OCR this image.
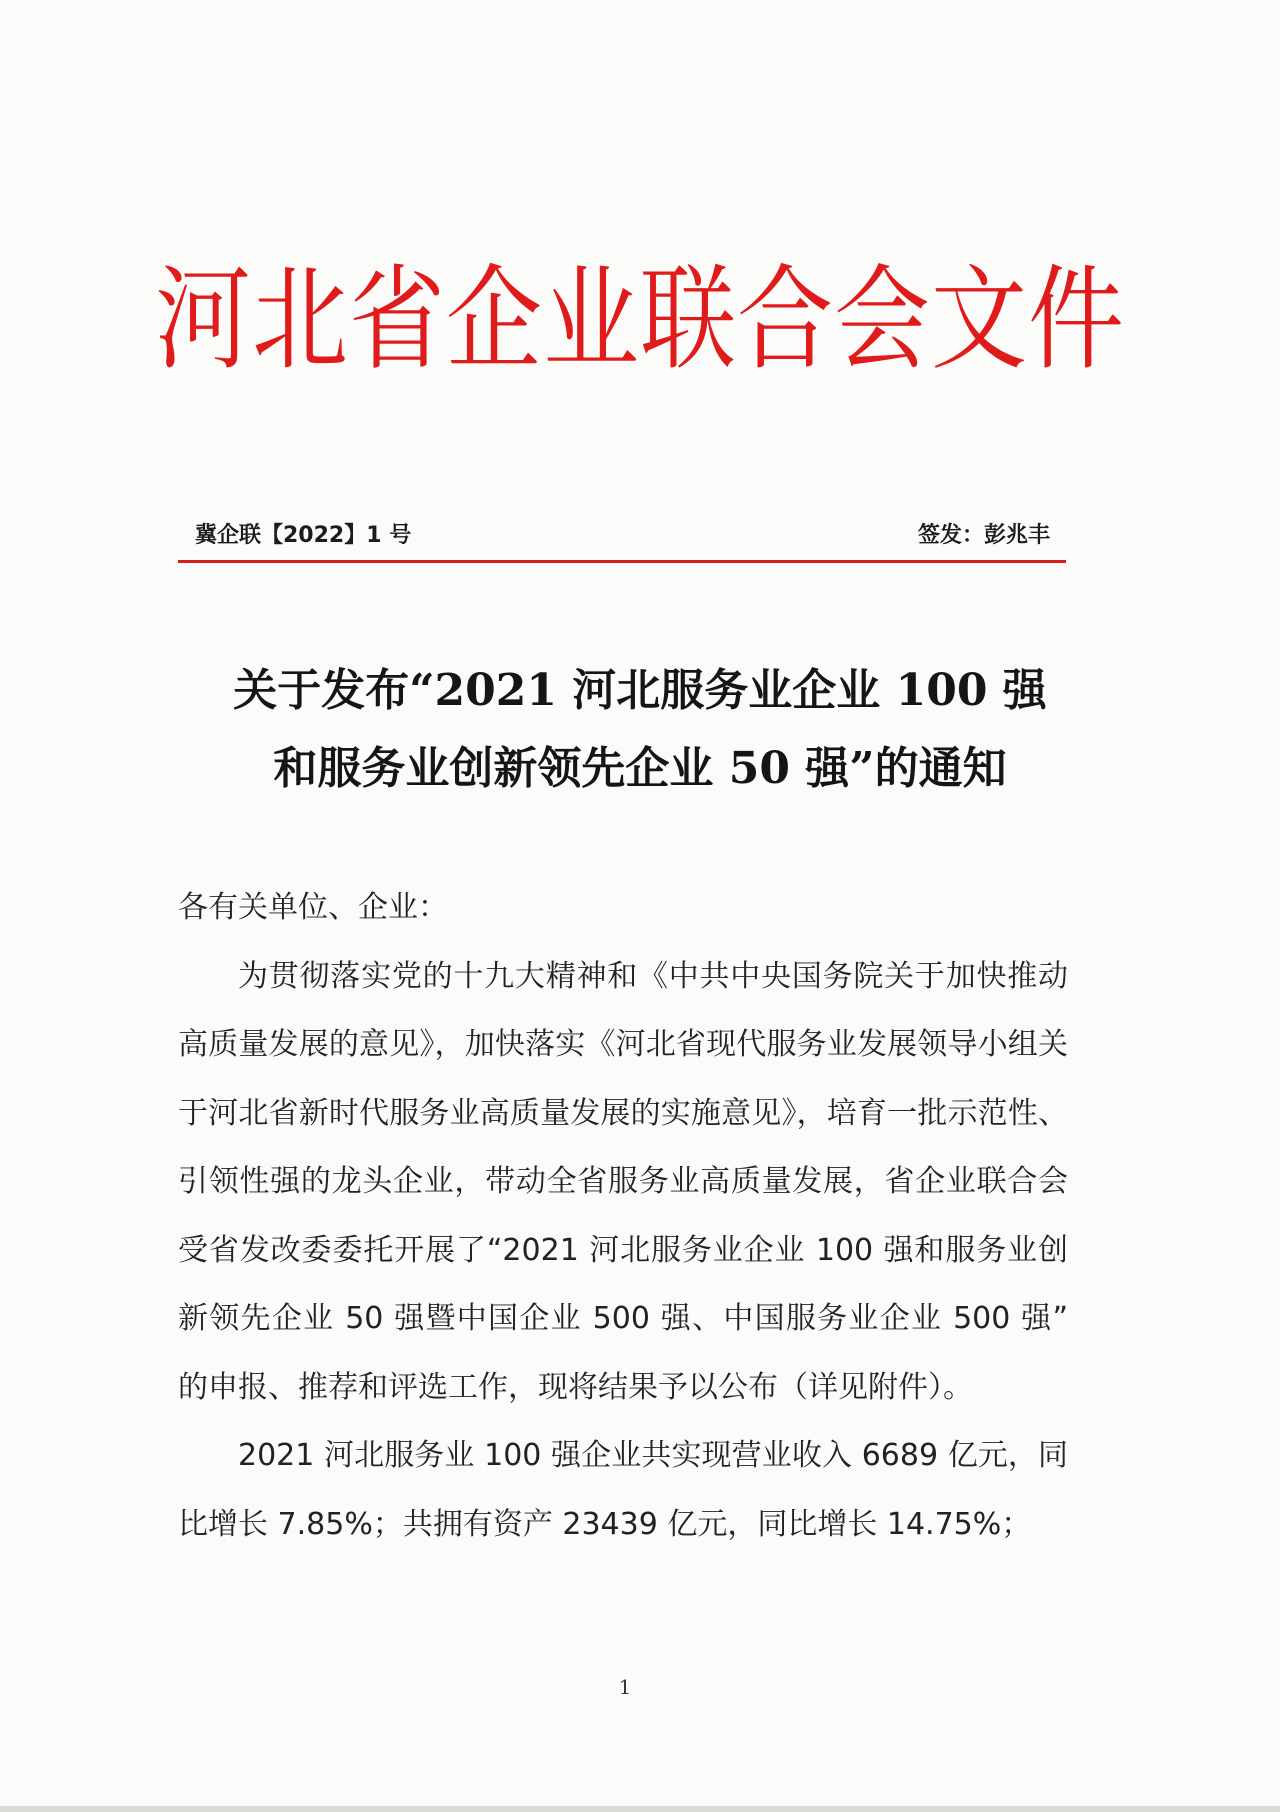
河北省企业联合会文件
冀企联【2022】1 号	签发：彭兆丰
关于发布“2021 河北服务业企业 100 强
和服务业创新领先企业 50 强”的通知

各有关单位、企业：

为贯彻落实党的十九大精神和《中共中央国务院关于加快推动高质量发展的意见》，加快落实《河北省现代服务业发展领导小组关于河北省新时代服务业高质量发展的实施意见》，培育一批示范性、引领性强的龙头企业，带动全省服务业高质量发展，省企业联合会受省发改委委托开展了“2021 河北服务业企业 100 强和服务业创新领先企业 50 强暨中国企业 500 强、中国服务业企业 500 强” 的申报、推荐和评选工作，现将结果予以公布（详见附件）。

2021 河北服务业 100 强企业共实现营业收入 6689 亿元，同比增长 7.85%；共拥有资产 23439 亿元，同比增长 14.75%；

1
